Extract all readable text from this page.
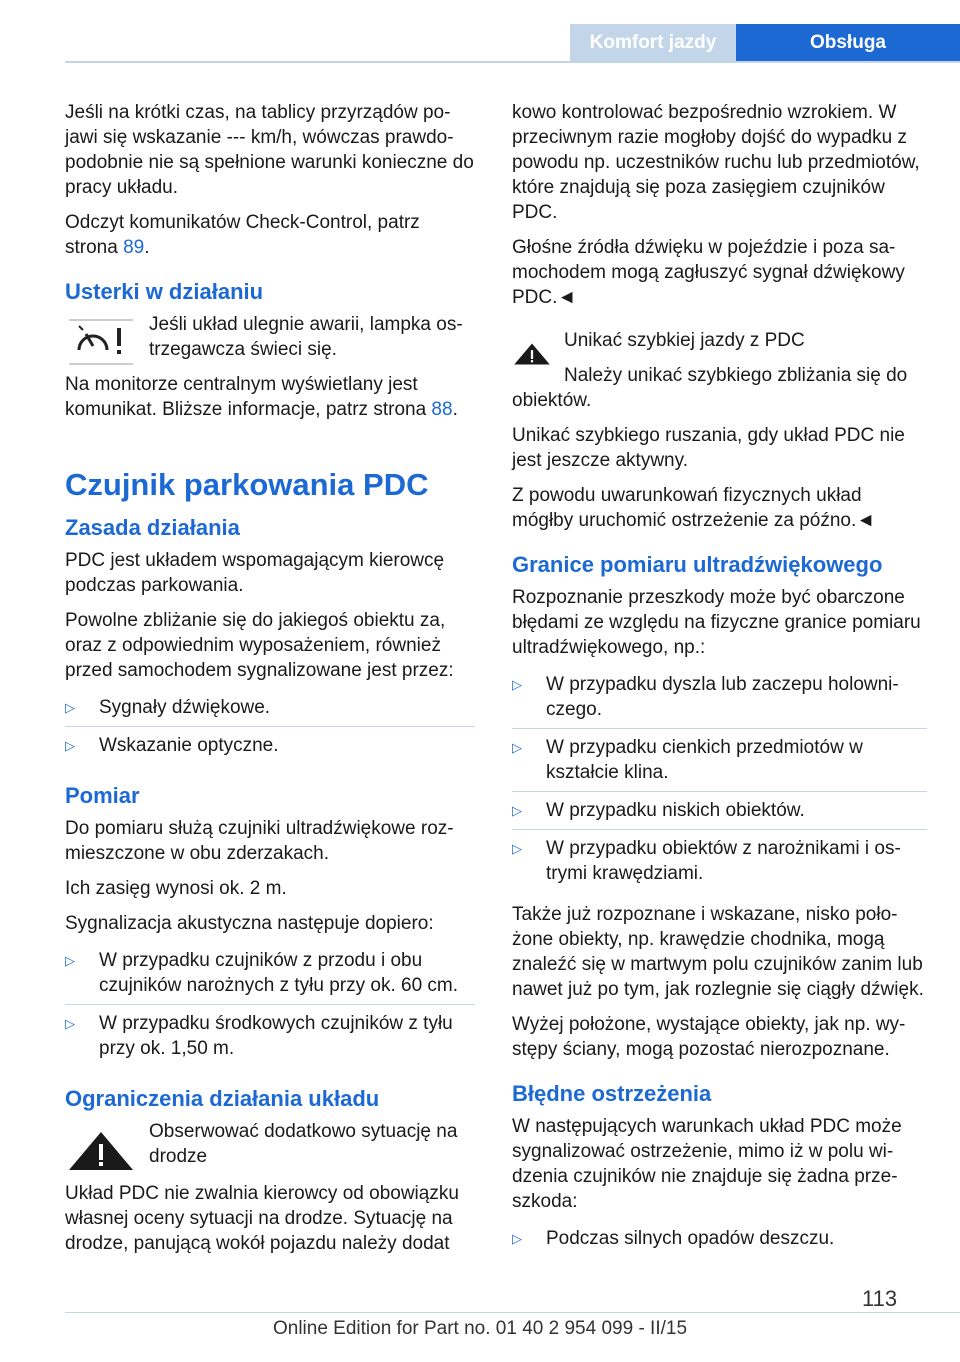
Komfort jazdy	Obsługa

Jeśli na krótki czas, na tablicy przyrządów pojawi się wskazanie --- km/h, wówczas prawdopodobnie nie są spełnione warunki konieczne do pracy układu.

Odczyt komunikatów Check-Control, patrz strona 89.

Usterki w działaniu

Jeśli układ ulegnie awarii, lampka ostrzegawcza świeci się.

Na monitorze centralnym wyświetlany jest komunikat. Bliższe informacje, patrz strona 88.

Czujnik parkowania PDC
Zasada działania

PDC jest układem wspomagającym kierowcę podczas parkowania.

Powolne zbliżanie się do jakiegoś obiektu za, oraz z odpowiednim wyposażeniem, również przed samochodem sygnalizowane jest przez:

▷ Sygnały dźwiękowe.
▷ Wskazanie optyczne.
Pomiar

Do pomiaru służą czujniki ultradźwiękowe rozmieszczone w obu zderzakach.

Ich zasięg wynosi ok. 2 m.

Sygnalizacja akustyczna następuje dopiero:

▷ W przypadku czujników z przodu i obu czujników narożnych z tyłu przy ok. 60 cm.
▷ W przypadku środkowych czujników z tyłu przy ok. 1,50 m.
Ograniczenia działania układu

Obserwować dodatkowo sytuację na drodze

Układ PDC nie zwalnia kierowcy od obowiązku własnej oceny sytuacji na drodze. Sytuację na drodze, panującą wokół pojazdu należy dodat

kowo kontrolować bezpośrednio wzrokiem. W przeciwnym razie mogłoby dojść do wypadku z powodu np. uczestników ruchu lub przedmiotów, które znajdują się poza zasięgiem czujników PDC.

Głośne źródła dźwięku w pojeździe i poza samochodem mogą zagłuszyć sygnał dźwiękowy PDC.◄

Unikać szybkiej jazdy z PDC

Należy unikać szybkiego zbliżania się do obiektów.

Unikać szybkiego ruszania, gdy układ PDC nie jest jeszcze aktywny.

Z powodu uwarunkowań fizycznych układ mógłby uruchomić ostrzeżenie za późno.◄

Granice pomiaru ultradźwiękowego

Rozpoznanie przeszkody może być obarczone błędami ze względu na fizyczne granice pomiaru ultradźwiękowego, np.:

▷ W przypadku dyszla lub zaczepu holowniczego.
▷ W przypadku cienkich przedmiotów w kształcie klina.
▷ W przypadku niskich obiektów.
▷ W przypadku obiektów z narożnikami i ostrymi krawędziami.

Także już rozpoznane i wskazane, nisko położone obiekty, np. krawędzie chodnika, mogą znaleźć się w martwym polu czujników zanim lub nawet już po tym, jak rozlegnie się ciągły dźwięk.

Wyżej położone, wystające obiekty, jak np. występy ściany, mogą pozostać nierozpoznane.

Błędne ostrzeżenia

W następujących warunkach układ PDC może sygnalizować ostrzeżenie, mimo iż w polu widzenia czujników nie znajduje się żadna przeszkoda:

▷ Podczas silnych opadów deszczu.
113
Online Edition for Part no. 01 40 2 954 099 - II/15
